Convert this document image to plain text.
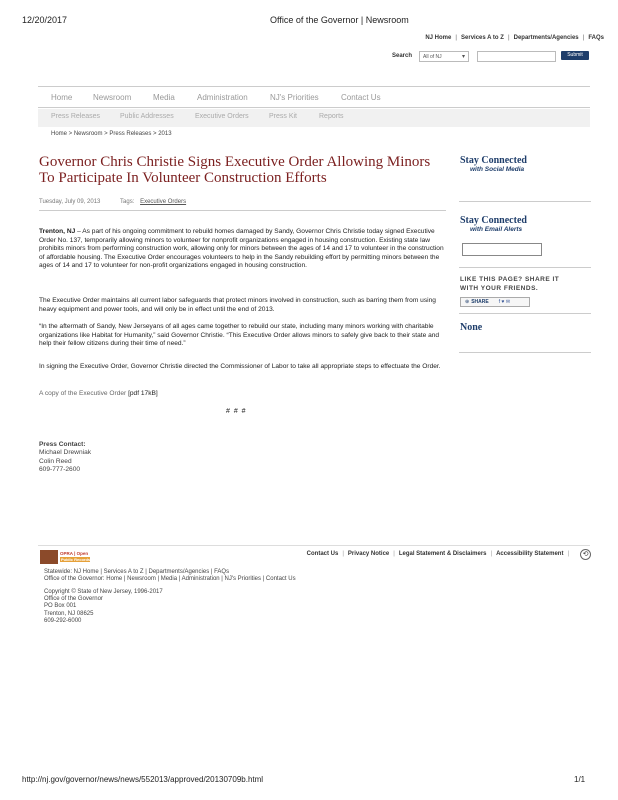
12/20/2017	Office of the Governor | Newsroom
http://nj.gov/governor/news/news/552013/approved/20130709b.html	1/1
NJ Home | Services A to Z | Departments/Agencies | FAQs
Search	All of NJ	▾	Submit
Home	Newsroom	Media	Administration	NJ's Priorities	Contact Us
Press Releases	Public Addresses	Executive Orders	Press Kit	Reports
Home > Newsroom > Press Releases > 2013
Governor Chris Christie Signs Executive Order Allowing Minors To Participate In Volunteer Construction Efforts
Tuesday, July 09, 2013	Tags: Executive Orders
Trenton, NJ – As part of his ongoing commitment to rebuild homes damaged by Sandy, Governor Chris Christie today signed Executive Order No. 137, temporarily allowing minors to volunteer for nonprofit organizations engaged in housing construction. Existing state law prohibits minors from performing construction work, allowing only for minors between the ages of 14 and 17 to volunteer in the construction of affordable housing. The Executive Order encourages volunteers to help in the Sandy rebuilding effort by permitting minors between the ages of 14 and 17 to volunteer for non-profit organizations engaged in housing construction.
The Executive Order maintains all current labor safeguards that protect minors involved in construction, such as barring them from using heavy equipment and power tools, and will only be in effect until the end of 2013.
“In the aftermath of Sandy, New Jerseyans of all ages came together to rebuild our state, including many minors working with charitable organizations like Habitat for Humanity,” said Governor Christie. “This Executive Order allows minors to safely give back to their state and help their fellow citizens during their time of need.”
In signing the Executive Order, Governor Christie directed the Commissioner of Labor to take all appropriate steps to effectuate the Order.
A copy of the Executive Order [pdf 17kB]
# # #
Press Contact:
Michael Drewniak
Colin Reed
609-777-2600
Stay Connected
with Social Media
Stay Connected
with Email Alerts
LIKE THIS PAGE? SHARE IT WITH YOUR FRIENDS.
⊕ SHARE f ♥ ✉
None
OPRA | Open
Public Records Act
Contact Us | Privacy Notice | Legal Statement & Disclaimers | Accessibility Statement |	⟲
Statewide: NJ Home | Services A to Z | Departments/Agencies | FAQs
Office of the Governor: Home | Newsroom | Media | Administration | NJ's Priorities | Contact Us
Copyright © State of New Jersey, 1996-2017
Office of the Governor
PO Box 001
Trenton, NJ 08625
609-292-6000
